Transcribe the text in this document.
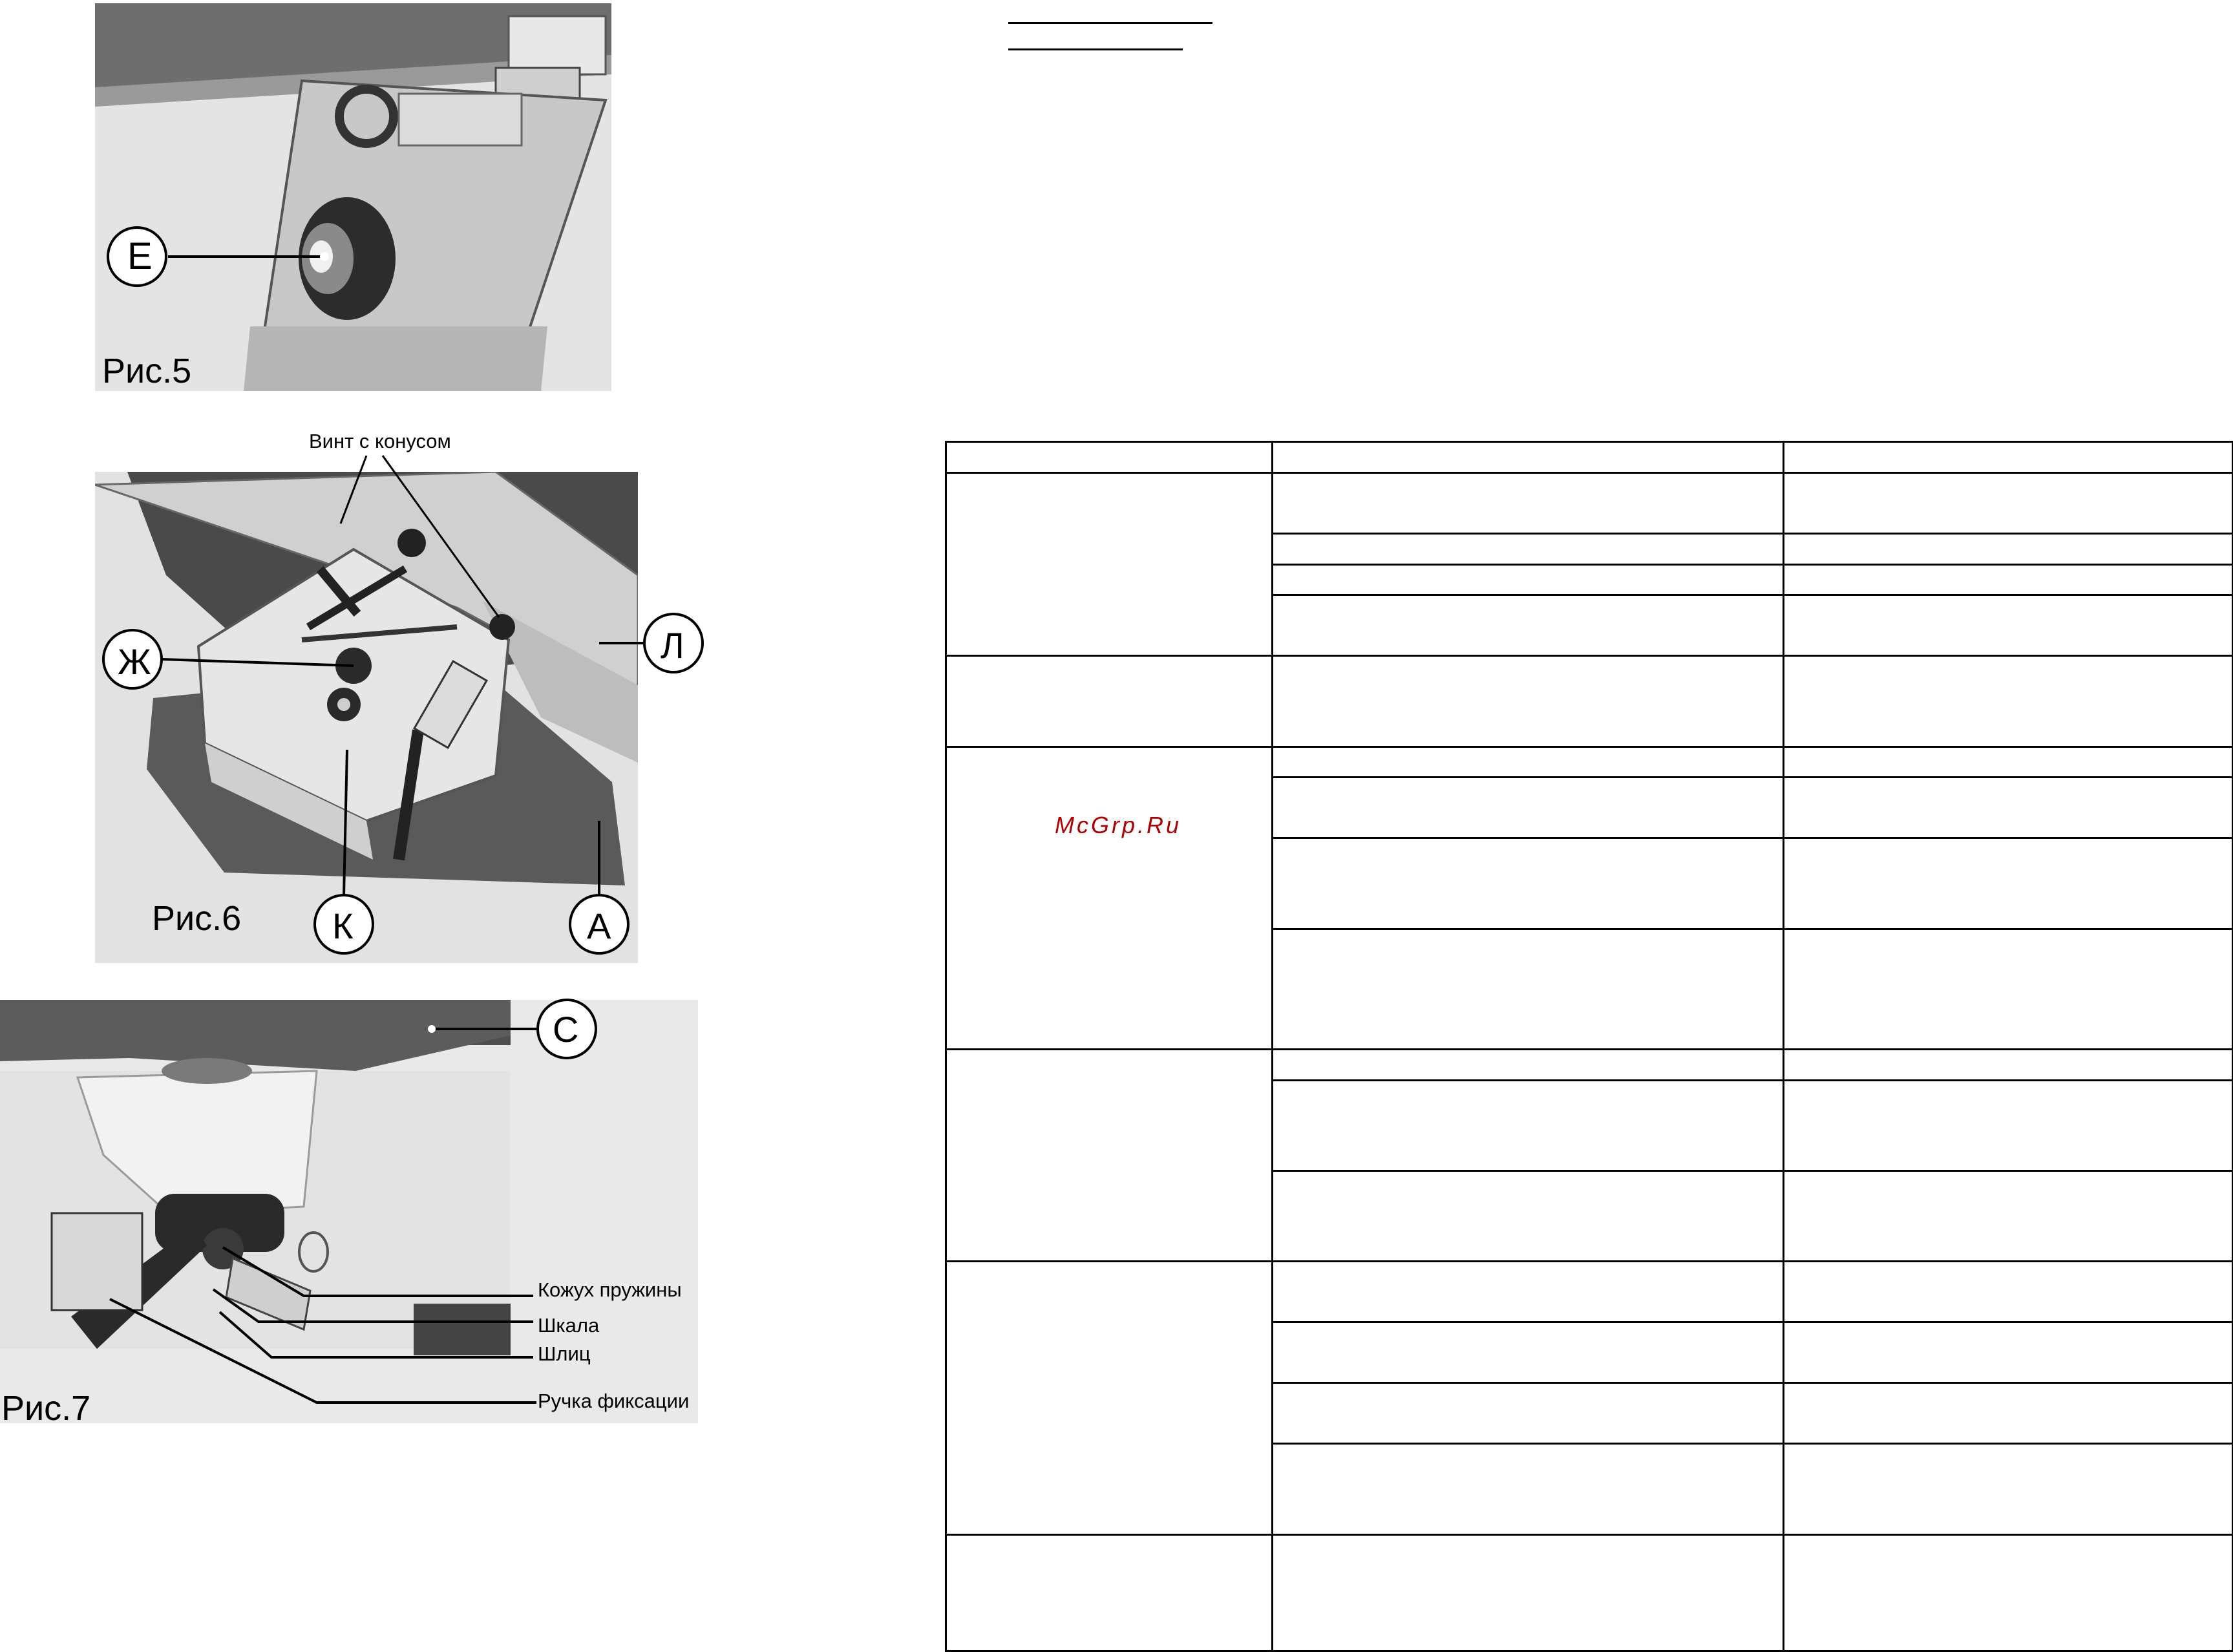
Е
Рис.5
Винт с конусом
Ж	Л
К	А
Рис.6
С
Кожух пружины
Шкала
Шлиц
Ручка фиксации
Рис.7
McGrp.Ru
